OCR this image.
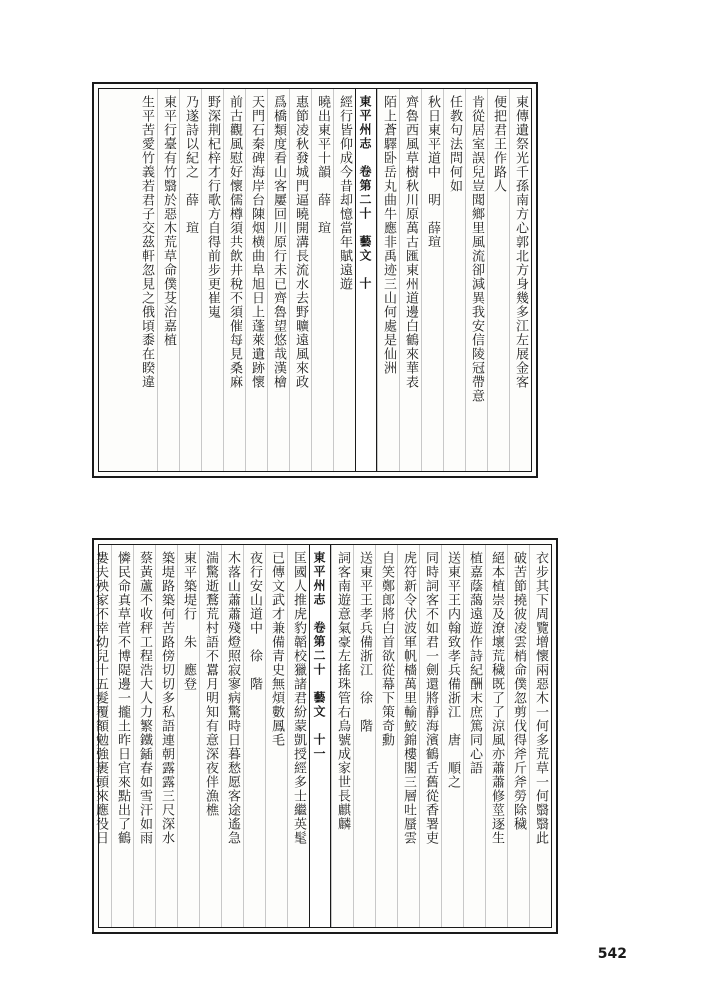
東傳遺祭光千孫南方心郭北方身幾多江左展金客
便把君王作路人
肯從居室誤兒豈聞鄉里風流卻減異我安信陵冠帶意
任教句法問何如
秋日東平道中　明　薛瑄
齊魯西風草樹秋川原萬古匯東州道邊白鶴來華表
陌上蒼驛卧岳丸曲牛應非禹迹三山何處是仙洲
東平州志　卷第二十　藝文　十
經行皆仰成今昔却憶當年賦遠遊
曉出東平十韻　薛　瑄
惠節凌秋發城門逼曉開溝長流水去野曠遠風來政
爲橋類度看山客屢回川原行未已齊魯望悠哉漢檜
天門石秦碑海岸台陳烟横曲阜旭日上蓬萊遺跡懷
前古觀風慰好懷儒樽須共飲井稅不須催每見桑麻
野深荆杞梓才行歌方自得前步更崔嵬
乃遂詩以紀之　薛　瑄
東平行臺有竹翳於惡木荒草命僕芟治嘉植
生平苦愛竹義若君子交茲軒忽見之俄頃黍在睽違
衣步其下周覽增懷兩惡木一何多荒草一何翳翳此
破苦節撓彼凌雲梢命僕忽剪伐得斧斤斧勞除穢
絕本植崇及潦壞荒穢既了了涼風亦蕭蕭修莖逐生
植嘉蔭藹遠遊作詩紀酬末庶篤同心語
送東平王内翰致孝兵備浙江　唐　順之
同時詞客不如君一劍還將靜海濱鶴舌舊從香署吏
虎符新令伏波軍帆檣萬里輸鮫錦樓閣三層吐蜃雲
自笑鄭郎將白首欲從幕下策奇勳
送東平王孝兵備浙江　徐　階
詞客南遊意氣豪左搖珠管右烏號成家世長麒麟
東平州志　卷第二十　藝文　十一
匡國人推虎豹韜校獵諸君紛蒙凱授經多士繼英髦
已傳文武才兼備青史無煩數鳳毛
夜行安山道中　徐　階
木落山蕭蕭殘燈照寂寥病驚時日暮愁愿客途遙急
湍驚逝鶩荒村語不囂月明知有意深夜伴漁樵
東平築堤行　朱　應登
築堤路築何苦路傍切切多私語連朝露露三尺深水
蔡黃蘆不收秤工程浩大人力繁鐵鍤春如雪汗如雨
憐民命真草菅不博隄邊一攏土昨日官來點出了鶴
婁夫殃家不幸幼兒十五髮覆額勉強裹頭來應役日
542
